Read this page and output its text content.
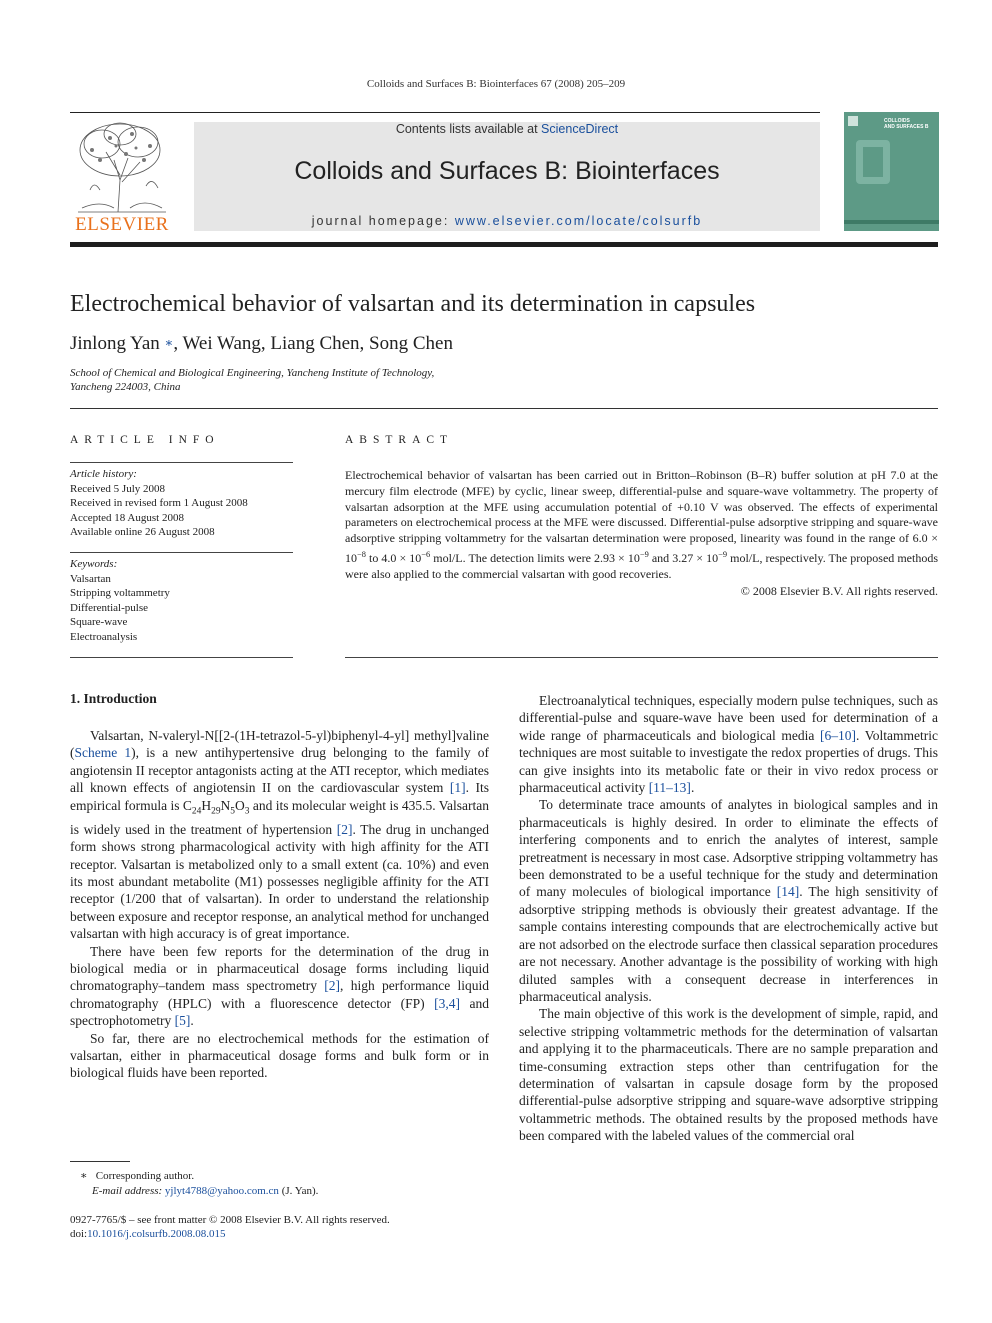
Colloids and Surfaces B: Biointerfaces 67 (2008) 205–209
ELSEVIER
Contents lists available at ScienceDirect
Colloids and Surfaces B: Biointerfaces
journal homepage: www.elsevier.com/locate/colsurfb
COLLOIDS
AND SURFACES B
Electrochemical behavior of valsartan and its determination in capsules
Jinlong Yan ∗, Wei Wang, Liang Chen, Song Chen
School of Chemical and Biological Engineering, Yancheng Institute of Technology,
Yancheng 224003, China
ARTICLE INFO
Article history:
Received 5 July 2008
Received in revised form 1 August 2008
Accepted 18 August 2008
Available online 26 August 2008
Keywords:
Valsartan
Stripping voltammetry
Differential-pulse
Square-wave
Electroanalysis
ABSTRACT
Electrochemical behavior of valsartan has been carried out in Britton–Robinson (B–R) buffer solution at pH 7.0 at the mercury film electrode (MFE) by cyclic, linear sweep, differential-pulse and square-wave voltammetry. The property of valsartan adsorption at the MFE using accumulation potential of +0.10 V was observed. The effects of experimental parameters on electrochemical process at the MFE were discussed. Differential-pulse adsorptive stripping and square-wave adsorptive stripping voltammetry for the valsartan determination were proposed, linearity was found in the range of $6.0 \times 10^{-8}$ to $4.0 \times 10^{-6}$ mol/L. The detection limits were $2.93 \times 10^{-9}$ and $3.27 \times 10^{-9}$ mol/L, respectively. The proposed methods were also applied to the commercial valsartan with good recoveries.
© 2008 Elsevier B.V. All rights reserved.
1. Introduction

Valsartan, N-valeryl-N[[2-(1H-tetrazol-5-yl)biphenyl-4-yl] methyl]valine (Scheme 1), is a new antihypertensive drug belonging to the family of angiotensin II receptor antagonists acting at the ATI receptor, which mediates all known effects of angiotensin II on the cardiovascular system [1]. Its empirical formula is $C_{24}H_{29}N_5O_3$ and its molecular weight is 435.5. Valsartan is widely used in the treatment of hypertension [2]. The drug in unchanged form shows strong pharmacological activity with high affinity for the ATI receptor. Valsartan is metabolized only to a small extent (ca. 10%) and even its most abundant metabolite (M1) possesses negligible affinity for the ATI receptor (1/200 that of valsartan). In order to understand the relationship between exposure and receptor response, an analytical method for unchanged valsartan with high accuracy is of great importance.

There have been few reports for the determination of the drug in biological media or in pharmaceutical dosage forms including liquid chromatography–tandem mass spectrometry [2], high performance liquid chromatography (HPLC) with a fluorescence detector (FP) [3,4] and spectrophotometry [5].

So far, there are no electrochemical methods for the estimation of valsartan, either in pharmaceutical dosage forms and bulk form or in biological fluids have been reported.

Electroanalytical techniques, especially modern pulse techniques, such as differential-pulse and square-wave have been used for determination of a wide range of pharmaceuticals and biological media [6–10]. Voltammetric techniques are most suitable to investigate the redox properties of drugs. This can give insights into its metabolic fate or their in vivo redox process or pharmaceutical activity [11–13].

To determinate trace amounts of analytes in biological samples and in pharmaceuticals is highly desired. In order to eliminate the effects of interfering components and to enrich the analytes of interest, sample pretreatment is necessary in most case. Adsorptive stripping voltammetry has been demonstrated to be a useful technique for the study and determination of many molecules of biological importance [14]. The high sensitivity of adsorptive stripping methods is obviously their greatest advantage. If the sample contains interesting compounds that are electrochemically active but are not adsorbed on the electrode surface then classical separation procedures are not necessary. Another advantage is the possibility of working with high diluted samples with a consequent decrease in interferences in pharmaceutical analysis.

The main objective of this work is the development of simple, rapid, and selective stripping voltammetric methods for the determination of valsartan and applying it to the pharmaceuticals. There are no sample preparation and time-consuming extraction steps other than centrifugation for the determination of valsartan in capsule dosage form by the proposed differential-pulse adsorptive stripping and square-wave adsorptive stripping voltammetric methods. The obtained results by the proposed methods have been compared with the labeled values of the commercial oral

∗ Corresponding author.
E-mail address: yjlyt4788@yahoo.com.cn (J. Yan).
0927-7765/$ – see front matter © 2008 Elsevier B.V. All rights reserved.
doi:10.1016/j.colsurfb.2008.08.015
